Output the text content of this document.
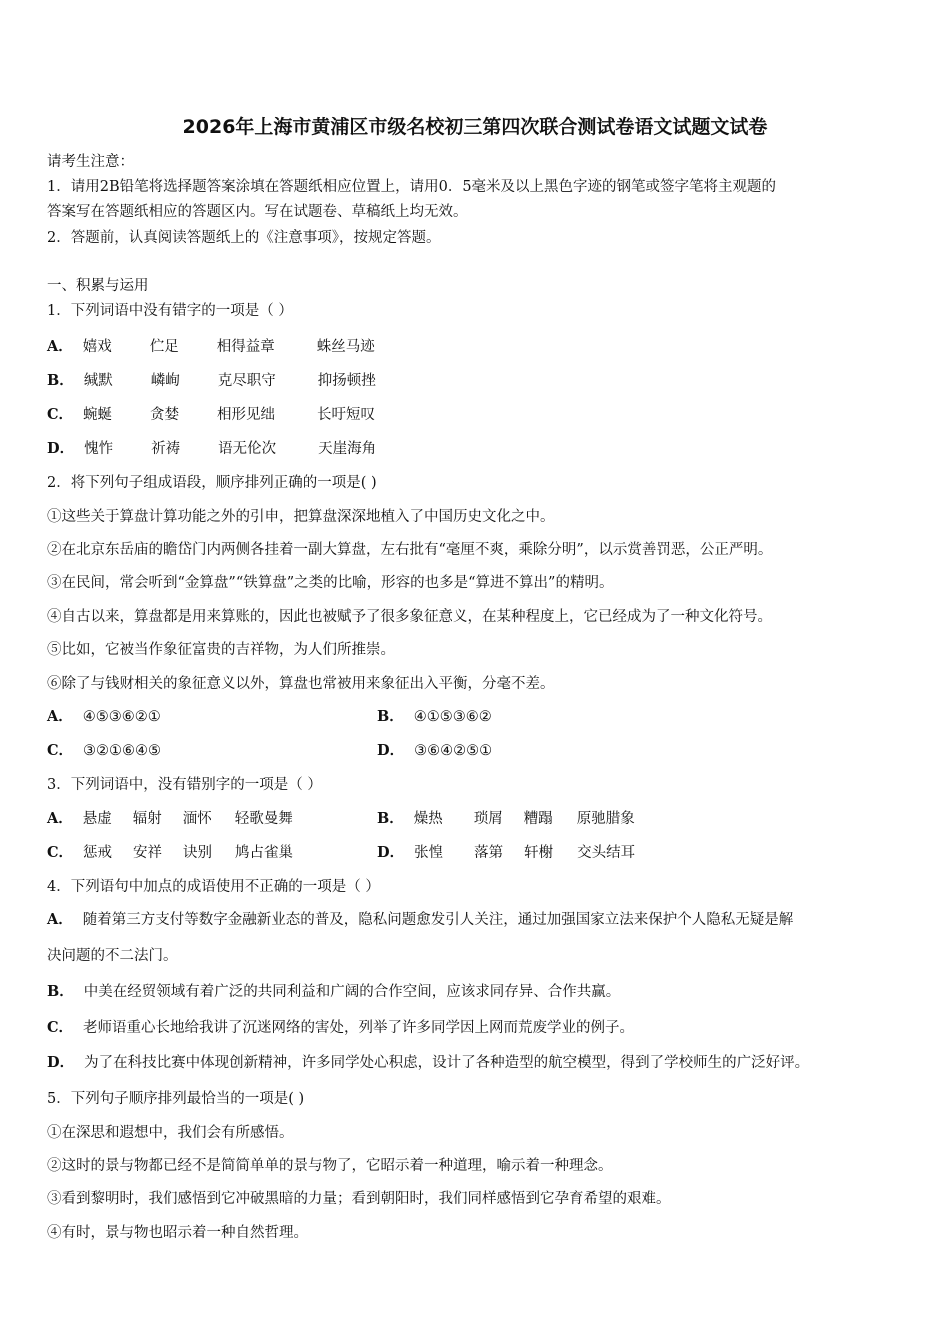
2026年上海市黄浦区市级名校初三第四次联合测试卷语文试题文试卷
请考生注意：
1．请用2B铅笔将选择题答案涂填在答题纸相应位置上，请用0．5毫米及以上黑色字迹的钢笔或签字笔将主观题的
答案写在答题纸相应的答题区内。写在试题卷、草稿纸上均无效。
2．答题前，认真阅读答题纸上的《注意事项》，按规定答题。
一、积累与运用
1．下列词语中没有错字的一项是（ ）
A． 嬉戏	伫足	相得益章	蛛丝马迹
B． 缄默	嶙峋	克尽职守	抑扬顿挫
C． 蜿蜒	贪婪	相形见绌	长吁短叹
D． 愧怍	祈祷	语无伦次	天崖海角
2．将下列句子组成语段，顺序排列正确的一项是( )
①这些关于算盘计算功能之外的引申，把算盘深深地植入了中国历史文化之中。
②在北京东岳庙的瞻岱门内两侧各挂着一副大算盘，左右批有“毫厘不爽，乘除分明”，以示赏善罚恶，公正严明。
③在民间，常会听到“金算盘”“铁算盘”之类的比喻，形容的也多是“算进不算出”的精明。
④自古以来，算盘都是用来算账的，因此也被赋予了很多象征意义，在某种程度上，它已经成为了一种文化符号。
⑤比如，它被当作象征富贵的吉祥物，为人们所推崇。
⑥除了与钱财相关的象征意义以外，算盘也常被用来象征出入平衡，分毫不差。
A． ④⑤③⑥②①	B． ④①⑤③⑥②
C． ③②①⑥④⑤	D． ③⑥④②⑤①
3．下列词语中，没有错别字的一项是（ ）
A． 悬虚 辐射 湎怀 轻歌曼舞	B． 燥热 琐屑 糟蹋 原驰腊象
C． 惩戒 安祥 诀别 鸠占雀巢	D． 张惶 落第 轩榭 交头结耳
4．下列语句中加点的成语使用不正确的一项是（ ）
A． 随着第三方支付等数字金融新业态的普及，隐私问题愈发引人关注，通过加强国家立法来保护个人隐私无疑是解
决问题的不二法门。
B． 中美在经贸领域有着广泛的共同利益和广阔的合作空间，应该求同存异、合作共赢。
C． 老师语重心长地给我讲了沉迷网络的害处，列举了许多同学因上网而荒废学业的例子。
D． 为了在科技比赛中体现创新精神，许多同学处心积虑，设计了各种造型的航空模型，得到了学校师生的广泛好评。
5．下列句子顺序排列最恰当的一项是( )
①在深思和遐想中，我们会有所感悟。
②这时的景与物都已经不是简简单单的景与物了，它昭示着一种道理，喻示着一种理念。
③看到黎明时，我们感悟到它冲破黑暗的力量；看到朝阳时，我们同样感悟到它孕育希望的艰难。
④有时，景与物也昭示着一种自然哲理。
